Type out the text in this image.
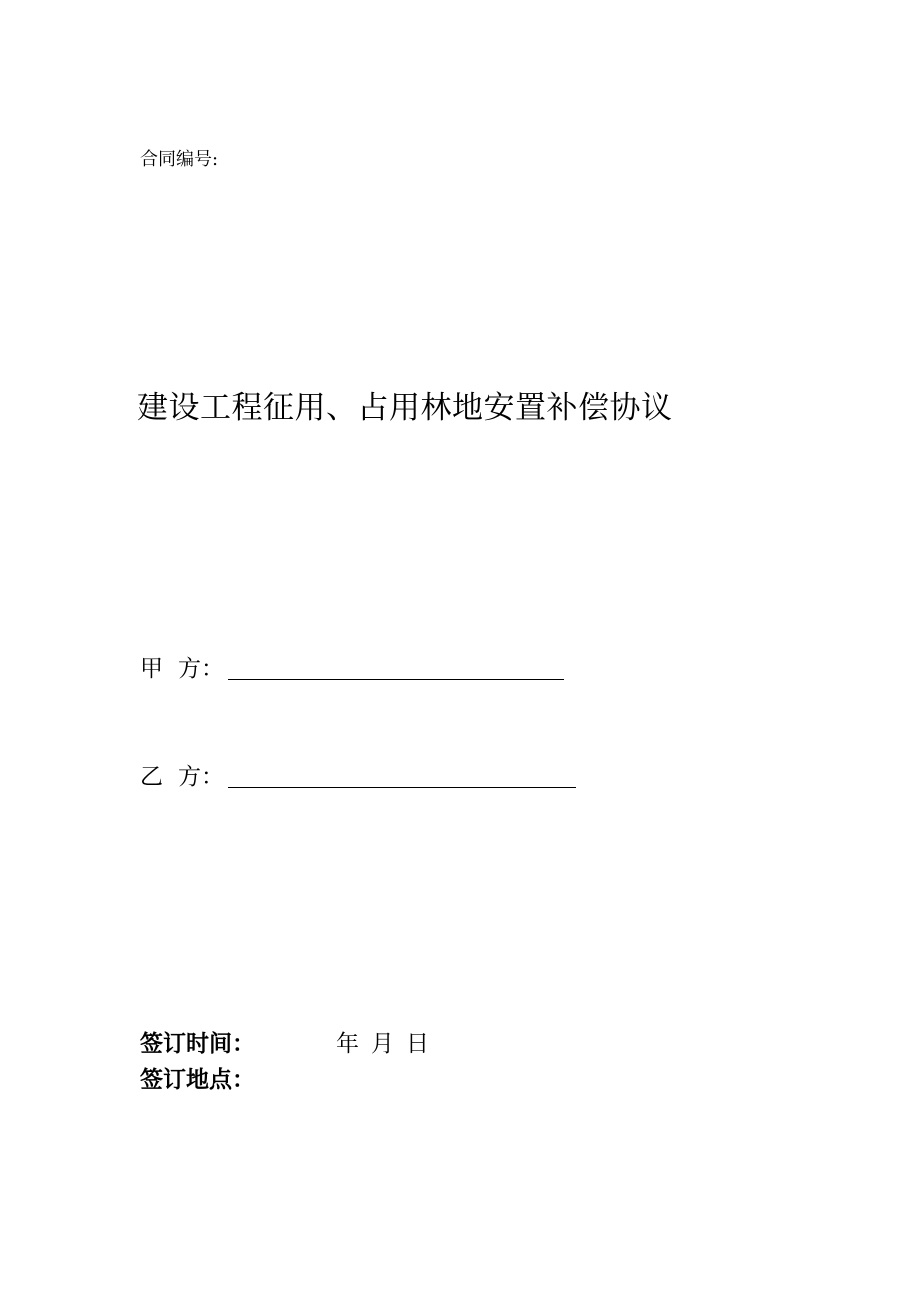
合同编号:
建设工程征用、占用林地安置补偿协议
甲 方：
乙 方：
签订时间：	年 月 日
签订地点：
